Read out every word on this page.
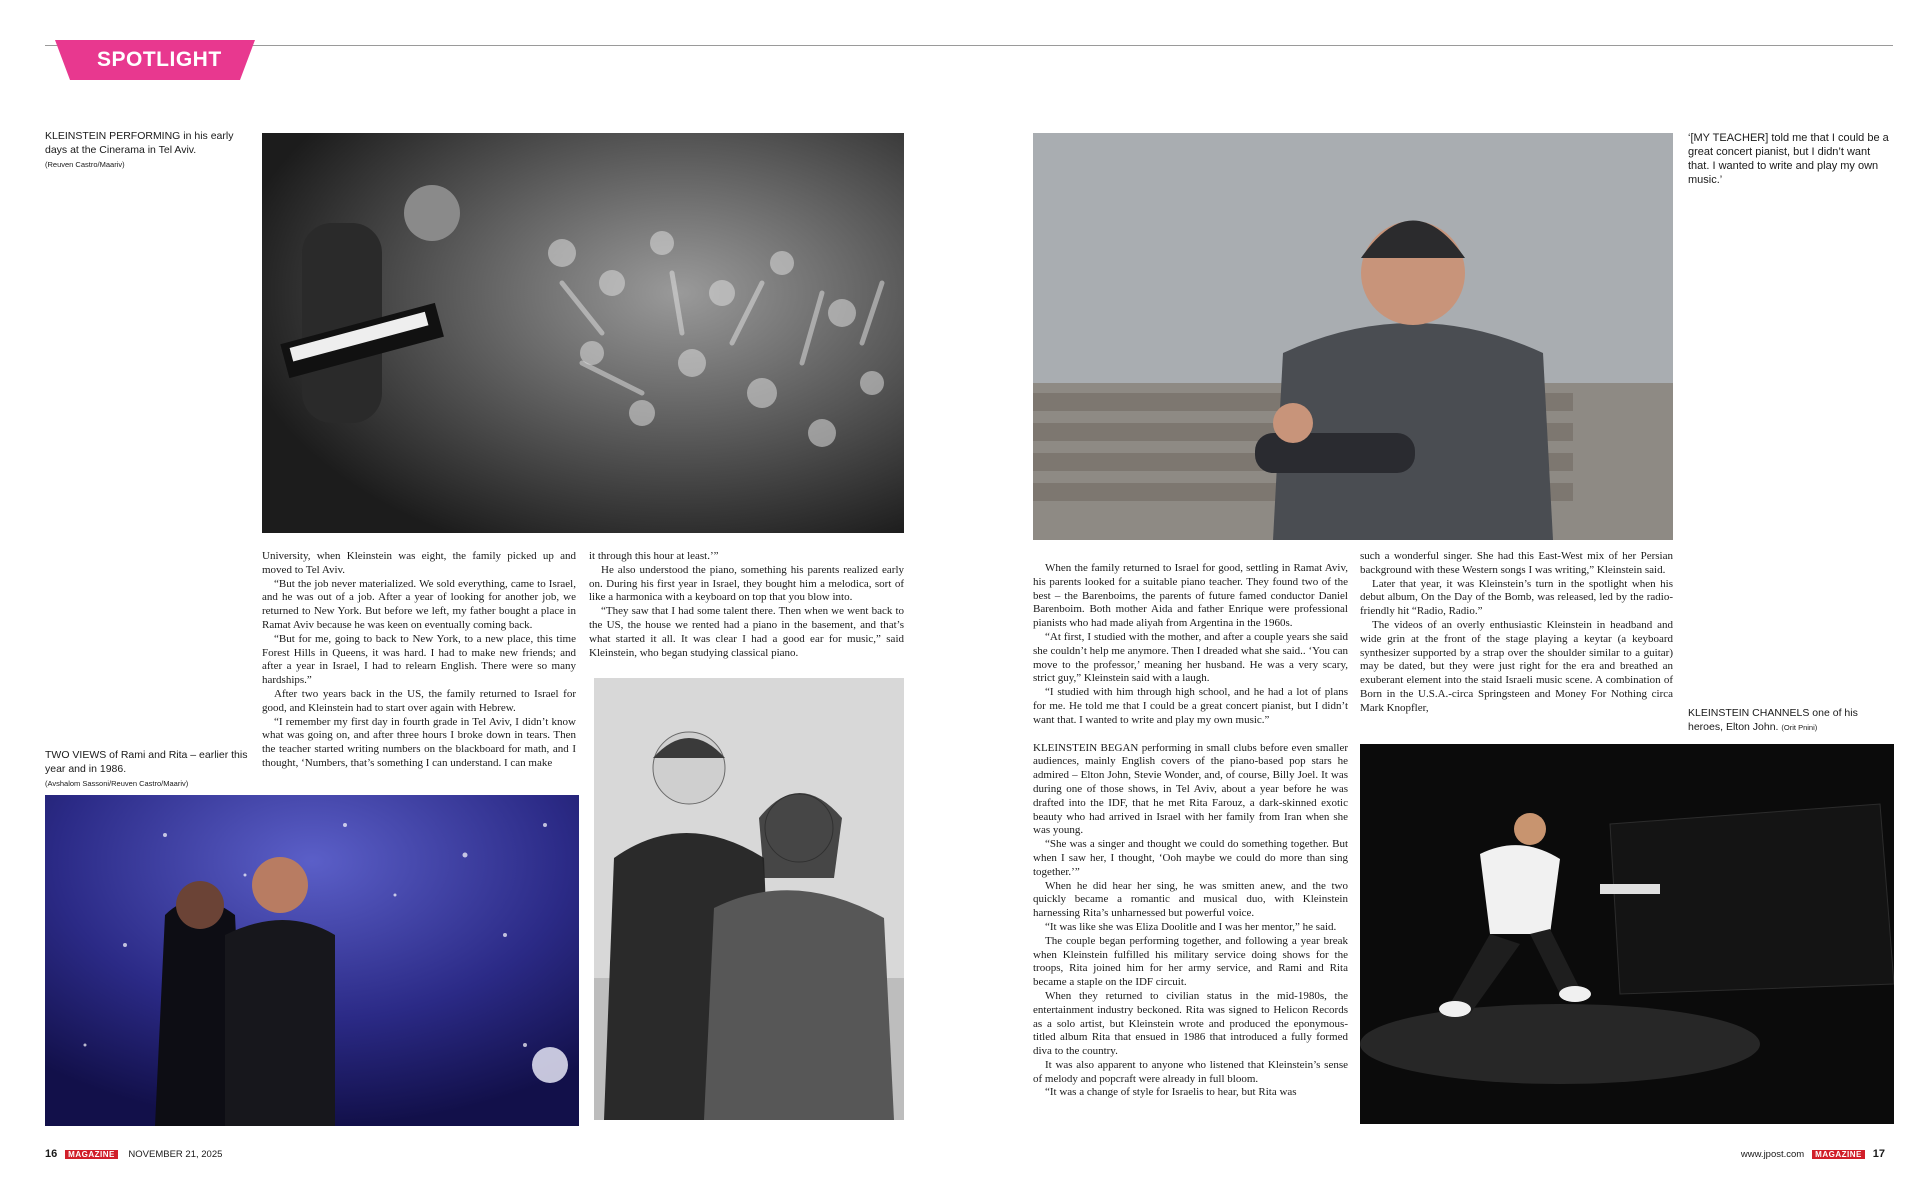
SPOTLIGHT
KLEINSTEIN PERFORMING in his early days at the Cinerama in Tel Aviv.
(Reuven Castro/Maariv)
‘[MY TEACHER] told me that I could be a great concert pianist, but I didn’t want that. I wanted to write and play my own music.’

University, when Kleinstein was eight, the family picked up and moved to Tel Aviv.

“But the job never materialized. We sold everything, came to Israel, and he was out of a job. After a year of looking for another job, we returned to New York. But before we left, my father bought a place in Ramat Aviv because he was keen on eventually coming back.

“But for me, going to back to New York, to a new place, this time Forest Hills in Queens, it was hard. I had to make new friends; and after a year in Israel, I had to relearn English. There were so many hardships.”

After two years back in the US, the family returned to Israel for good, and Kleinstein had to start over again with Hebrew.

“I remember my first day in fourth grade in Tel Aviv, I didn’t know what was going on, and after three hours I broke down in tears. Then the teacher started writing numbers on the blackboard for math, and I thought, ‘Numbers, that’s something I can understand. I can make

it through this hour at least.’”

He also understood the piano, something his parents realized early on. During his first year in Israel, they bought him a melodica, sort of like a harmonica with a keyboard on top that you blow into.

“They saw that I had some talent there. Then when we went back to the US, the house we rented had a piano in the basement, and that’s what started it all. It was clear I had a good ear for music,” said Kleinstein, who began studying classical piano.

TWO VIEWS of Rami and Rita – earlier this year and in 1986.
(Avshalom Sassoni/Reuven Castro/Maariv)

When the family returned to Israel for good, settling in Ramat Aviv, his parents looked for a suitable piano teacher. They found two of the best – the Barenboims, the parents of future famed conductor Daniel Barenboim. Both mother Aida and father Enrique were professional pianists who had made aliyah from Argentina in the 1960s.

“At first, I studied with the mother, and after a couple years she said she couldn’t help me anymore. Then I dreaded what she said.. ‘You can move to the professor,’ meaning her husband. He was a very scary, strict guy,” Kleinstein said with a laugh.

“I studied with him through high school, and he had a lot of plans for me. He told me that I could be a great concert pianist, but I didn’t want that. I wanted to write and play my own music.”

KLEINSTEIN BEGAN performing in small clubs before even smaller audiences, mainly English covers of the piano-based pop stars he admired – Elton John, Stevie Wonder, and, of course, Billy Joel. It was during one of those shows, in Tel Aviv, about a year before he was drafted into the IDF, that he met Rita Farouz, a dark-skinned exotic beauty who had arrived in Israel with her family from Iran when she was young.

“She was a singer and thought we could do something together. But when I saw her, I thought, ‘Ooh maybe we could do more than sing together.’”

When he did hear her sing, he was smitten anew, and the two quickly became a romantic and musical duo, with Kleinstein harnessing Rita’s unharnessed but powerful voice.

“It was like she was Eliza Doolitle and I was her mentor,” he said.

The couple began performing together, and following a year break when Kleinstein fulfilled his military service doing shows for the troops, Rita joined him for her army service, and Rami and Rita became a staple on the IDF circuit.

When they returned to civilian status in the mid-1980s, the entertainment industry beckoned. Rita was signed to Helicon Records as a solo artist, but Kleinstein wrote and produced the eponymous-titled album Rita that ensued in 1986 that introduced a fully formed diva to the country.

It was also apparent to anyone who listened that Kleinstein’s sense of melody and popcraft were already in full bloom.

“It was a change of style for Israelis to hear, but Rita was

such a wonderful singer. She had this East-West mix of her Persian background with these Western songs I was writing,” Kleinstein said.

Later that year, it was Kleinstein’s turn in the spotlight when his debut album, On the Day of the Bomb, was released, led by the radio-friendly hit “Radio, Radio.”

The videos of an overly enthusiastic Kleinstein in headband and wide grin at the front of the stage playing a keytar (a keyboard synthesizer supported by a strap over the shoulder similar to a guitar) may be dated, but they were just right for the era and breathed an exuberant element into the staid Israeli music scene. A combination of Born in the U.S.A.-circa Springsteen and Money For Nothing circa Mark Knopfler,	KLEINSTEIN CHANNELS one of his heroes, Elton John. (Orit Pnini)
16 MAGAZINE NOVEMBER 21, 2025	www.jpost.com MAGAZINE 17
